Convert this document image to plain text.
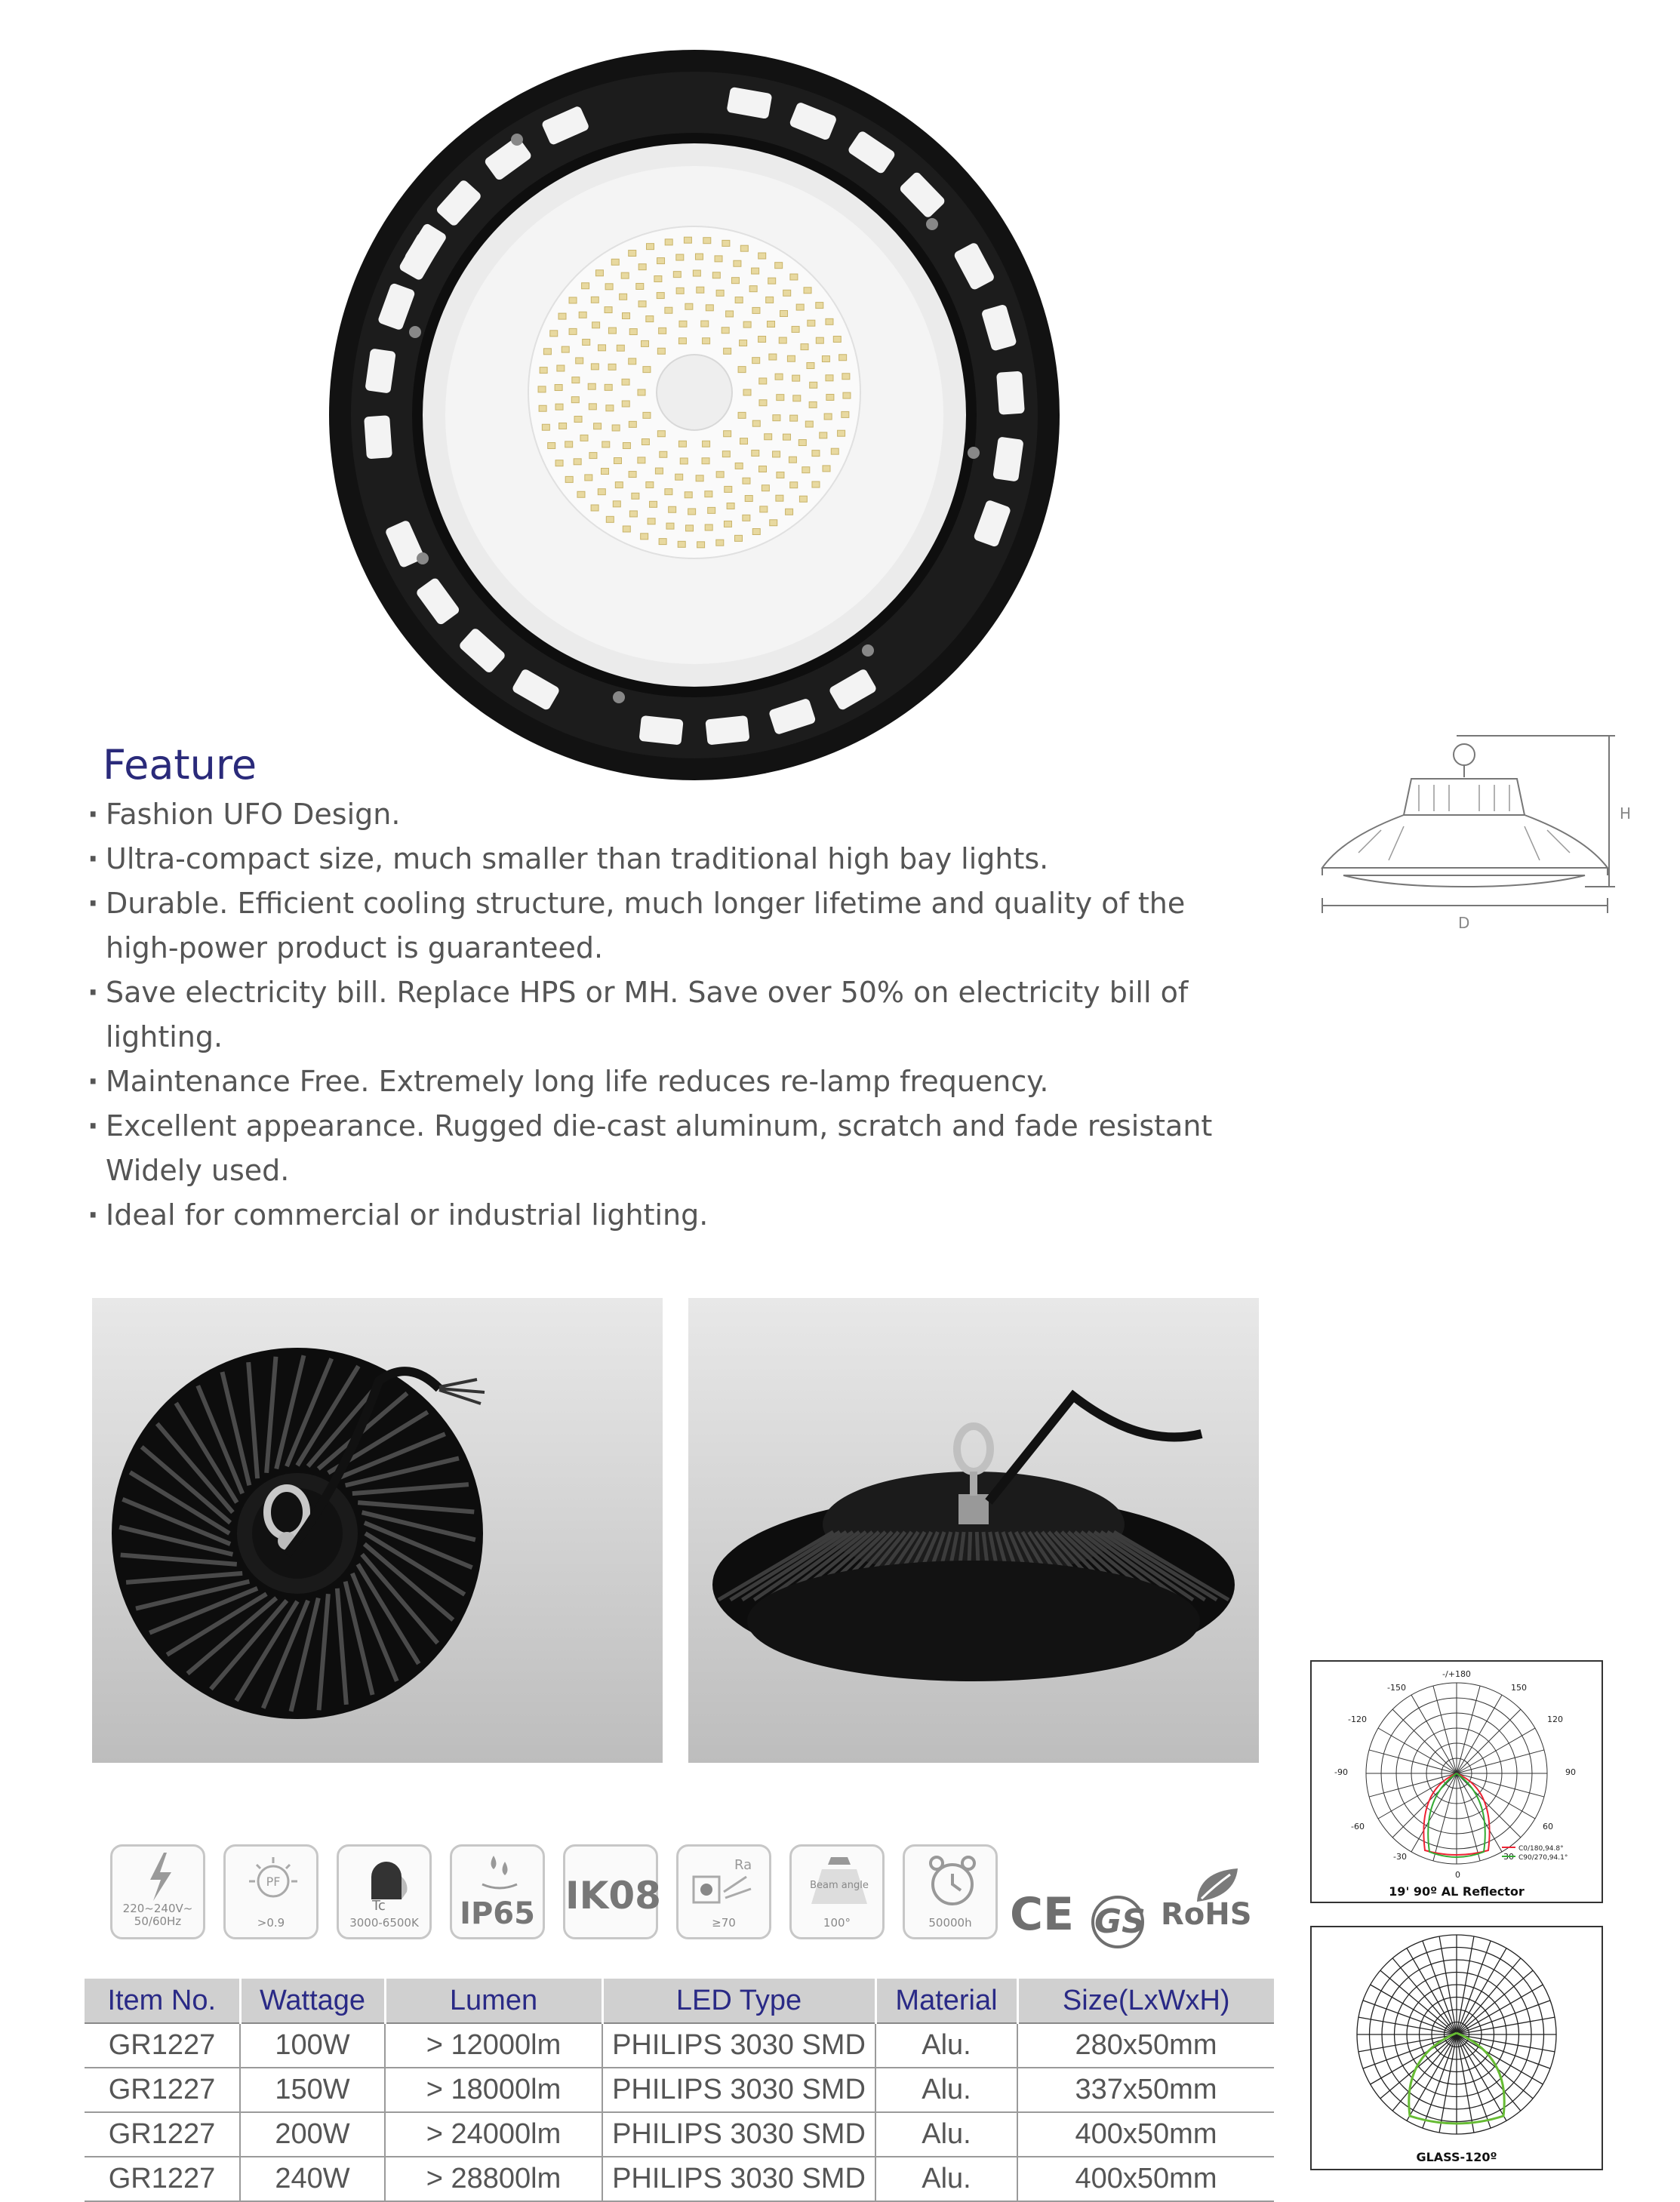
Feature
· Fashion UFO Design.
· Ultra-compact size, much smaller than traditional high bay lights.
· Durable. Efficient cooling structure, much longer lifetime and quality of the high-power product is guaranteed.
· Save electricity bill. Replace HPS or MH. Save over 50% on electricity bill of lighting.
· Maintenance Free. Extremely long life reduces re-lamp frequency.
· Excellent appearance. Rugged die-cast aluminum, scratch and fade resistant Widely used.
· Ideal for commercial or industrial lighting.
H
D
220~240V~
50/60Hz
PF
>0.9
Tc
3000-6500K	IP65 IK08
Ra
≥70
Beam angle
100°	50000h CE GS RoHS
Item No.	Wattage	Lumen	LED Type	Material	Size(LxWxH)
GR1227	100W	> 12000lm	PHILIPS 3030 SMD	Alu.	280x50mm
GR1227	150W	> 18000lm	PHILIPS 3030 SMD	Alu.	337x50mm
GR1227	200W	> 24000lm	PHILIPS 3030 SMD	Alu.	400x50mm
GR1227	240W	> 28800lm	PHILIPS 3030 SMD	Alu.	400x50mm
-/+180
-150	150
-120	120
-90	90
-60	60
-30	30
0
C0/180,94.8°
C90/270,94.1°
19' 90º AL Reflector
GLASS-120º
